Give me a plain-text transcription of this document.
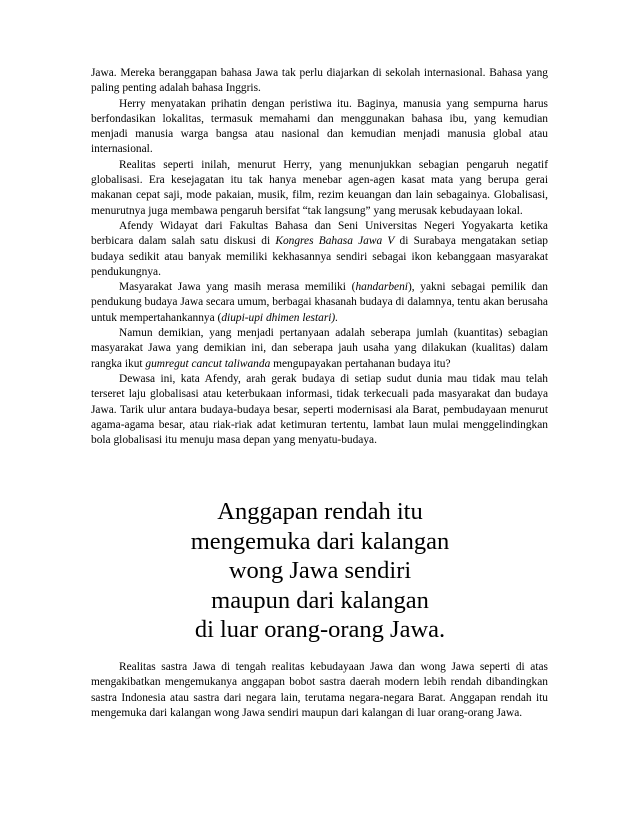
Jawa. Mereka beranggapan bahasa Jawa tak perlu diajarkan di sekolah internasional. Bahasa yang paling penting adalah bahasa Inggris.

Herry menyatakan prihatin dengan peristiwa itu. Baginya, manusia yang sempurna harus berfondasikan lokalitas, termasuk memahami dan menggunakan bahasa ibu, yang kemudian menjadi manusia warga bangsa atau nasional dan kemudian menjadi manusia global atau internasional.

Realitas seperti inilah, menurut Herry, yang menunjukkan sebagian pengaruh negatif globalisasi. Era kesejagatan itu tak hanya menebar agen-agen kasat mata yang berupa gerai makanan cepat saji, mode pakaian, musik, film, rezim keuangan dan lain sebagainya. Globalisasi, menurutnya juga membawa pengaruh bersifat “tak langsung” yang merusak kebudayaan lokal.

Afendy Widayat dari Fakultas Bahasa dan Seni Universitas Negeri Yogyakarta ketika berbicara dalam salah satu diskusi di Kongres Bahasa Jawa V di Surabaya mengatakan setiap budaya sedikit atau banyak memiliki kekhasannya sendiri sebagai ikon kebanggaan masyarakat pendukungnya.

Masyarakat Jawa yang masih merasa memiliki (handarbeni), yakni sebagai pemilik dan pendukung budaya Jawa secara umum, berbagai khasanah budaya di dalamnya, tentu akan berusaha untuk mempertahankannya (diupi-upi dhimen lestari).

Namun demikian, yang menjadi pertanyaan adalah seberapa jumlah (kuantitas) sebagian masyarakat Jawa yang demikian ini, dan seberapa jauh usaha yang dilakukan (kualitas) dalam rangka ikut gumregut cancut taliwanda mengupayakan pertahanan budaya itu?

Dewasa ini, kata Afendy, arah gerak budaya di setiap sudut dunia mau tidak mau telah terseret laju globalisasi atau keterbukaan informasi, tidak terkecuali pada masyarakat dan budaya Jawa. Tarik ulur antara budaya-budaya besar, seperti modernisasi ala Barat, pembudayaan menurut agama-agama besar, atau riak-riak adat ketimuran tertentu, lambat laun mulai menggelindingkan bola globalisasi itu menuju masa depan yang menyatu-budaya.

Anggapan rendah itu
mengemuka dari kalangan
wong Jawa sendiri
maupun dari kalangan
di luar orang-orang Jawa.

Realitas sastra Jawa di tengah realitas kebudayaan Jawa dan wong Jawa seperti di atas mengakibatkan mengemukanya anggapan bobot sastra daerah modern lebih rendah dibandingkan sastra Indonesia atau sastra dari negara lain, terutama negara-negara Barat. Anggapan rendah itu mengemuka dari kalangan wong Jawa sendiri maupun dari kalangan di luar orang-orang Jawa.
